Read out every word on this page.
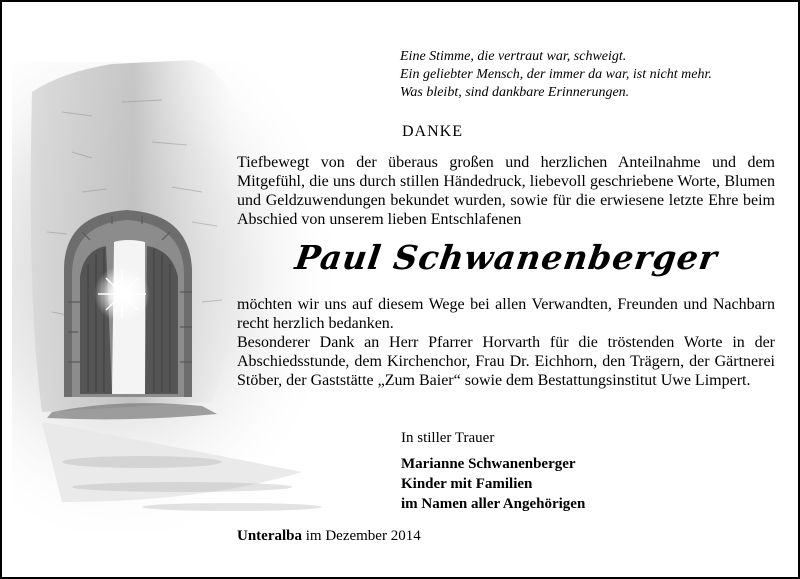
Eine Stimme, die vertraut war, schweigt.
Ein geliebter Mensch, der immer da war, ist nicht mehr.
Was bleibt, sind dankbare Erinnerungen.
DANKE
Tiefbewegt von der überaus großen und herzlichen Anteilnahme und dem Mitgefühl, die uns durch stillen Händedruck, liebevoll geschriebene Worte, Blumen und Geldzuwendungen bekundet wurden, sowie für die erwiesene letzte Ehre beim Abschied von unserem lieben Entschlafenen
Paul Schwanenberger
möchten wir uns auf diesem Wege bei allen Verwandten, Freunden und Nachbarn recht herzlich bedanken.
Besonderer Dank an Herr Pfarrer Horvarth für die tröstenden Worte in der Abschiedsstunde, dem Kirchenchor, Frau Dr. Eichhorn, den Trägern, der Gärtnerei Stöber, der Gaststätte „Zum Baier“ sowie dem Bestattungsinstitut Uwe Limpert.
In stiller Trauer
Marianne Schwanenberger
Kinder mit Familien
im Namen aller Angehörigen
Unteralba im Dezember 2014
